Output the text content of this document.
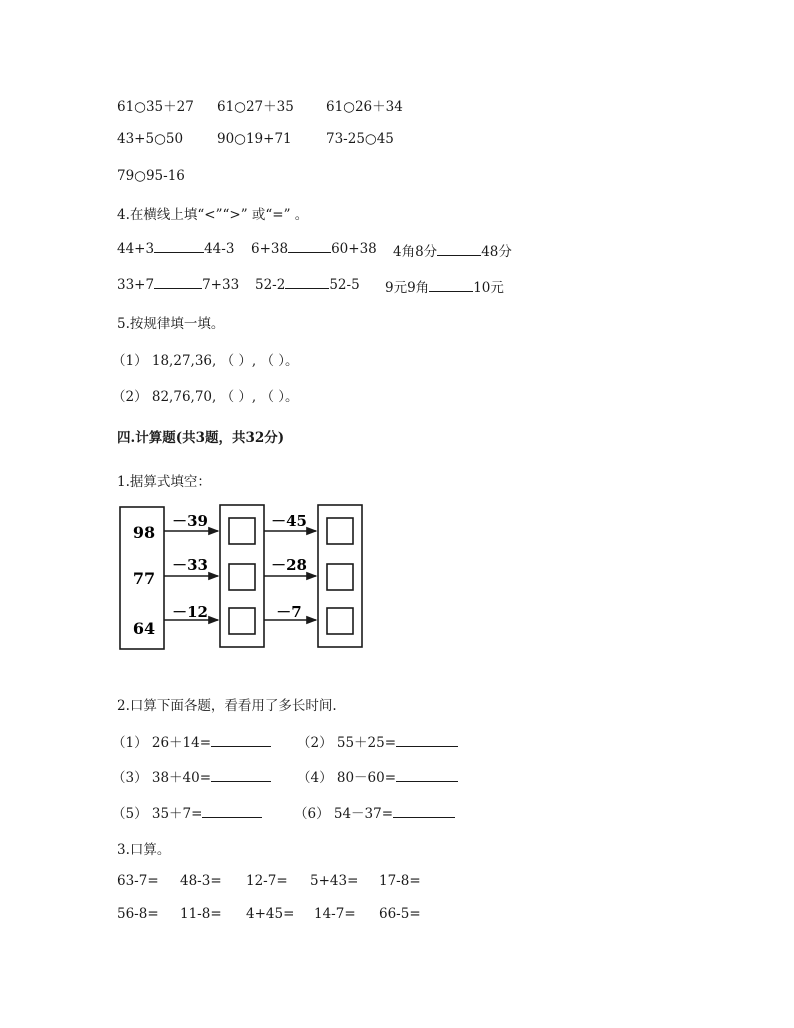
61○35＋27 61○27＋35 61○26＋34
43+5○50	90○19+71	73-25○45
79○95-16
4.在横线上填“<”“>” 或“=” 。
44+3	44-3 6+38	60+38 4角8分	48分
33+7	7+33 52-2	52-5 9元9角	10元
5.按规律填一填。
（1） 18,27,36, （ ）, （ ）。
（2） 82,76,70, （ ）, （ ）。
四.计算题(共3题，共32分)
1.据算式填空：
98
77
64
－39
－33
－12
－45
－28
－7
2.口算下面各题，看看用了多长时间.
（1） 26＋14=	（2） 55＋25=
（3） 38＋40=	（4） 80－60=
（5） 35＋7=	（6） 54－37=
3.口算。
63-7= 48-3= 12-7= 5+43= 17-8=
56-8= 11-8= 4+45= 14-7= 66-5=
